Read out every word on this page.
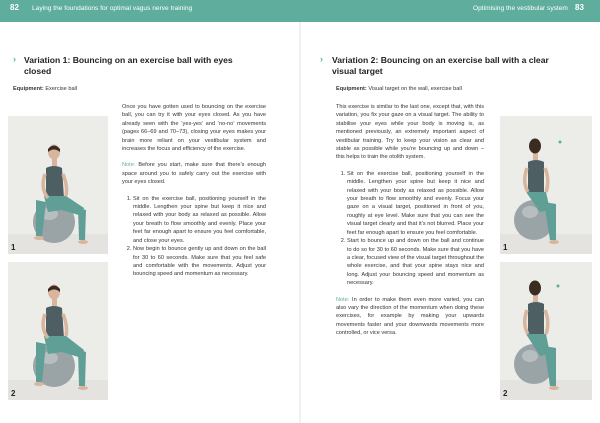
82 Laying the foundations for optimal vagus nerve training	Optimising the vestibular system 83
› Variation 1: Bouncing on an exercise ball with eyes
closed
Equipment: Exercise ball
1
2

Once you have gotten used to bouncing on the exercise ball, you can try it with your eyes closed. As you have already seen with the ‘yes-yes’ and ‘no-no’ movements (pages 66–69 and 70–73), closing your eyes makes your brain more reliant on your vestibular system and increases the focus and efficiency of the exercise.

Note: Before you start, make sure that there’s enough space around you to safely carry out the exercise with your eyes closed.

1. Sit on the exercise ball, positioning yourself in the middle. Lengthen your spine but keep it nice and relaxed with your body as relaxed as possible. Allow your breath to flow smoothly and evenly. Place your feet far enough apart to ensure you feel comfortable, and close your eyes.
2. Now begin to bounce gently up and down on the ball for 30 to 60 seconds. Make sure that you feel safe and comfortable with the movements. Adjust your bouncing speed and momentum as necessary.
› Variation 2: Bouncing on an exercise ball with a clear
visual target
Equipment: Visual target on the wall, exercise ball

This exercise is similar to the last one, except that, with this variation, you fix your gaze on a visual target. The ability to stabilise your eyes while your body is moving is, as mentioned previously, an extremely important aspect of vestibular training. Try to keep your vision as clear and stable as possible while you’re bouncing up and down – this helps to train the otolith system.

1. Sit on the exercise ball, positioning yourself in the middle. Lengthen your spine but keep it nice and relaxed with your body as relaxed as possible. Allow your breath to flow smoothly and evenly. Focus your gaze on a visual target, positioned in front of you, roughly at eye level. Make sure that you can see the visual target clearly and that it’s not blurred. Place your feet far enough apart to ensure you feel comfortable.
2. Start to bounce up and down on the ball and continue to do so for 30 to 60 seconds. Make sure that you have a clear, focused view of the visual target throughout the whole exercise, and that your spine stays nice and long. Adjust your bouncing speed and momentum as necessary.

Note: In order to make them even more varied, you can also vary the direction of the momentum when doing these exercises, for example by making your upwards movements faster and your downwards movements more controlled, or vice versa.

1
2
